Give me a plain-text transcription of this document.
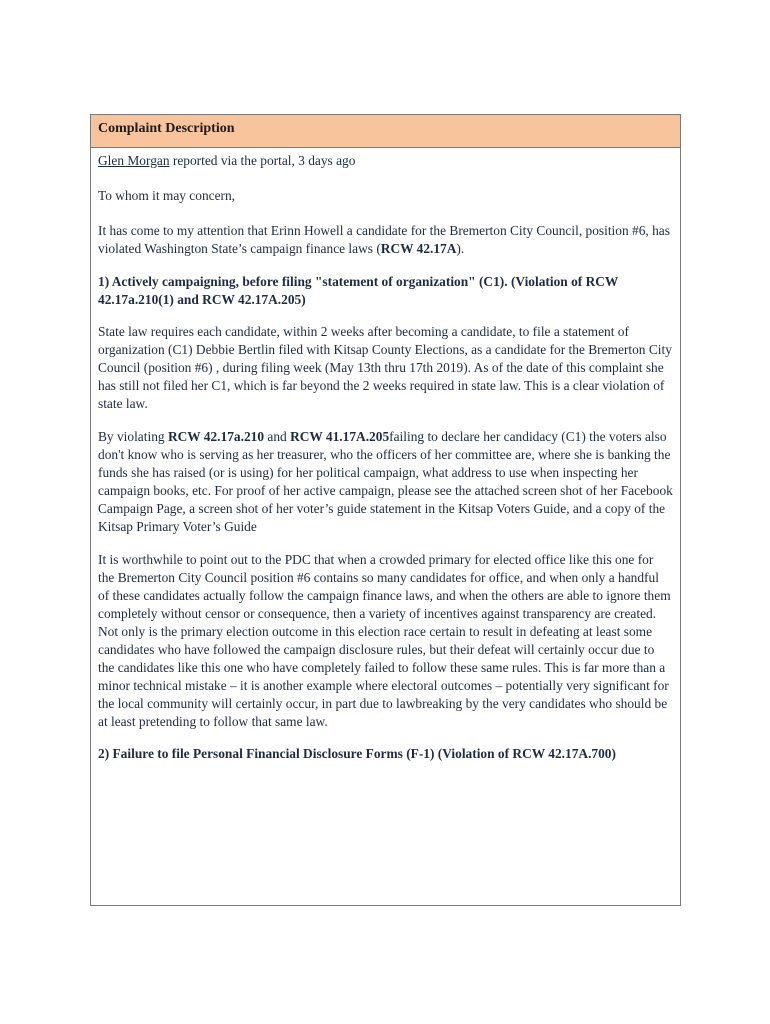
Complaint Description

Glen Morgan reported via the portal, 3 days ago

To whom it may concern,

It has come to my attention that Erinn Howell a candidate for the Bremerton City Council, position #6, has violated Washington State’s campaign finance laws (RCW 42.17A).

1) Actively campaigning, before filing "statement of organization" (C1). (Violation of RCW 42.17a.210(1) and RCW 42.17A.205)

State law requires each candidate, within 2 weeks after becoming a candidate, to file a statement of
organization (C1) Debbie Bertlin filed with Kitsap County Elections, as a candidate for the Bremerton City Council (position #6) , during filing week (May 13th thru 17th 2019). As of the date of this complaint she has still not filed her C1, which is far beyond the 2 weeks required in state law. This is a clear violation of state law.

By violating RCW 42.17a.210 and RCW 41.17A.205failing to declare her candidacy (C1) the voters also don't know who is serving as her treasurer, who the officers of her committee are, where she is banking the funds she has raised (or is using) for her political campaign, what address to use when inspecting her campaign books, etc. For proof of her active campaign, please see the attached screen shot of her Facebook Campaign Page, a screen shot of her voter’s guide statement in the Kitsap Voters Guide, and a copy of the Kitsap Primary Voter’s Guide

It is worthwhile to point out to the PDC that when a crowded primary for elected office like this one for the Bremerton City Council position #6 contains so many candidates for office, and when only a handful of these candidates actually follow the campaign finance laws, and when the others are able to ignore them completely without censor or consequence, then a variety of incentives against transparency are created. Not only is the primary election outcome in this election race certain to result in defeating at least some candidates who have followed the campaign disclosure rules, but their defeat will certainly occur due to the candidates like this one who have completely failed to follow these same rules. This is far more than a minor technical mistake – it is another example where electoral outcomes – potentially very significant for the local community will certainly occur, in part due to lawbreaking by the very candidates who should be at least pretending to follow that same law.

2) Failure to file Personal Financial Disclosure Forms (F-1) (Violation of RCW 42.17A.700)
